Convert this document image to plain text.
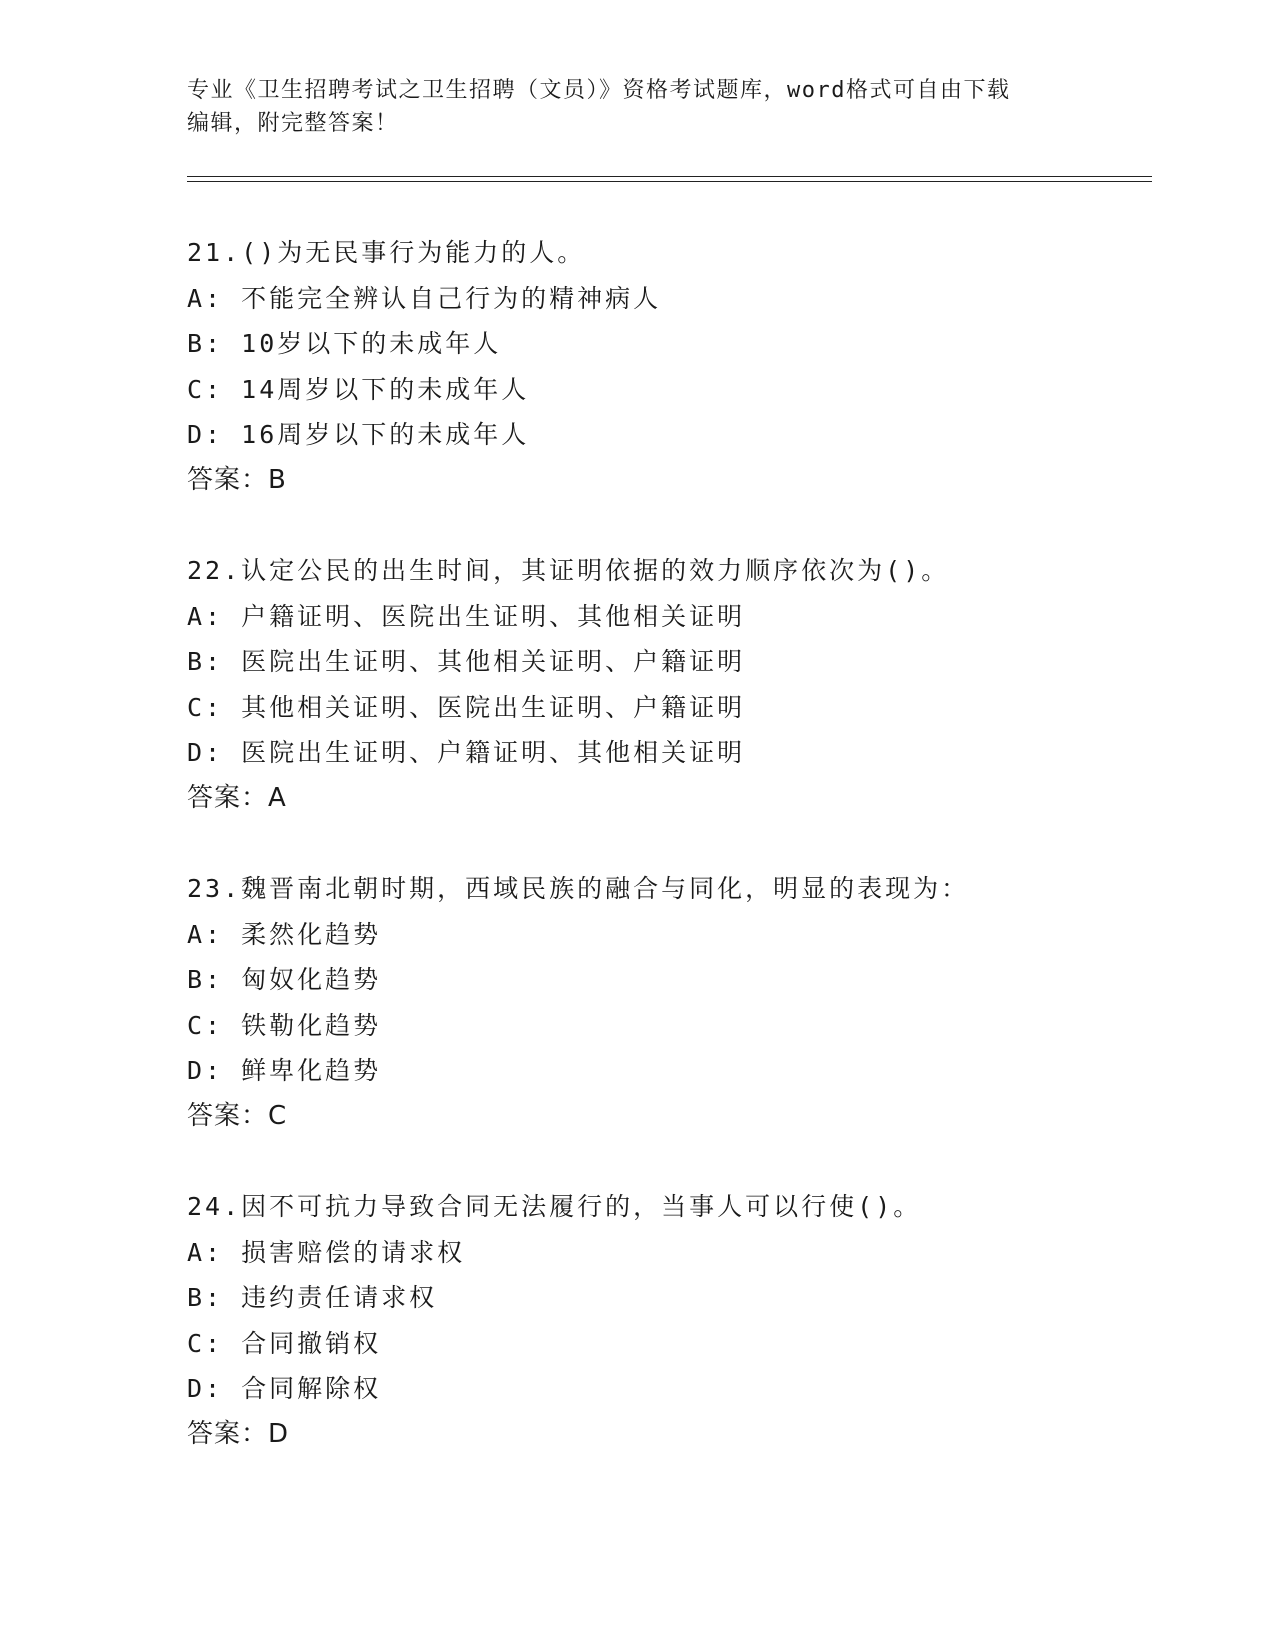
专业《卫生招聘考试之卫生招聘（文员）》资格考试题库，word格式可自由下载
编辑，附完整答案！
21.()为无民事行为能力的人。
A: 不能完全辨认自己行为的精神病人
B: 10岁以下的未成年人
C: 14周岁以下的未成年人
D: 16周岁以下的未成年人
答案：B
22.认定公民的出生时间，其证明依据的效力顺序依次为()。
A: 户籍证明、医院出生证明、其他相关证明
B: 医院出生证明、其他相关证明、户籍证明
C: 其他相关证明、医院出生证明、户籍证明
D: 医院出生证明、户籍证明、其他相关证明
答案：A
23.魏晋南北朝时期，西域民族的融合与同化，明显的表现为：
A: 柔然化趋势
B: 匈奴化趋势
C: 铁勒化趋势
D: 鲜卑化趋势
答案：C
24.因不可抗力导致合同无法履行的，当事人可以行使()。
A: 损害赔偿的请求权
B: 违约责任请求权
C: 合同撤销权
D: 合同解除权
答案：D
